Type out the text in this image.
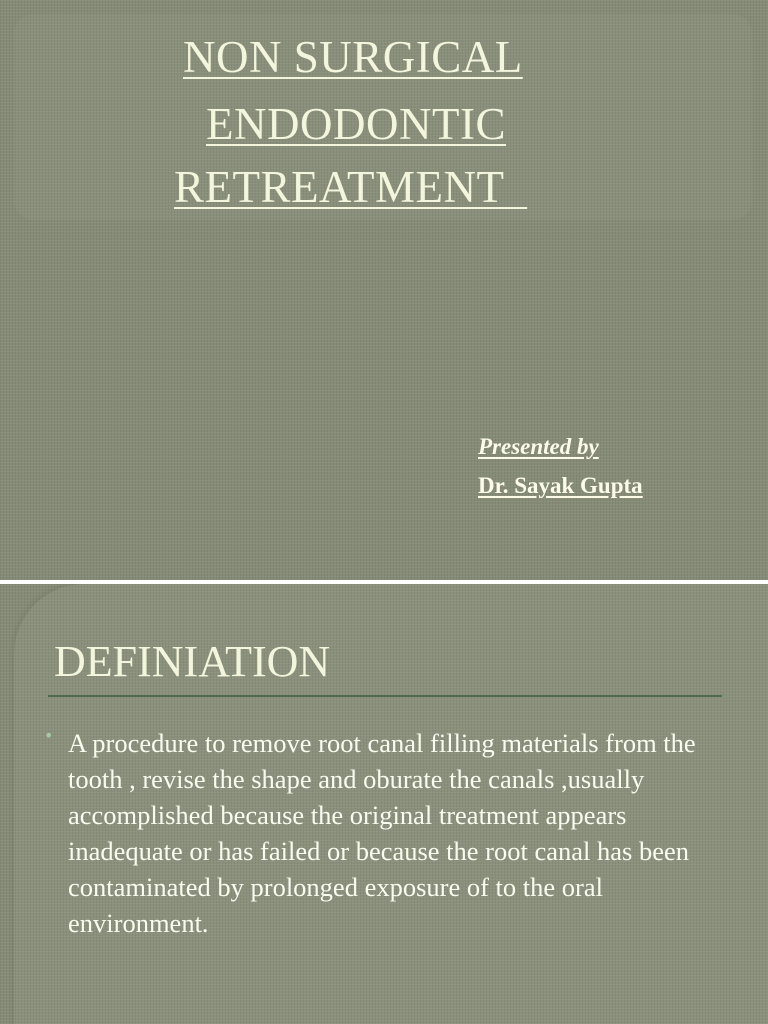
NON SURGICAL
ENDODONTIC
RETREATMENT
Presented by
Dr. Sayak Gupta
DEFINIATION
• A procedure to remove root canal filling materials from the tooth , revise the shape and oburate the canals ,usually accomplished because the original treatment appears inadequate or has failed or because the root canal has been contaminated by prolonged exposure of to the oral environment.
